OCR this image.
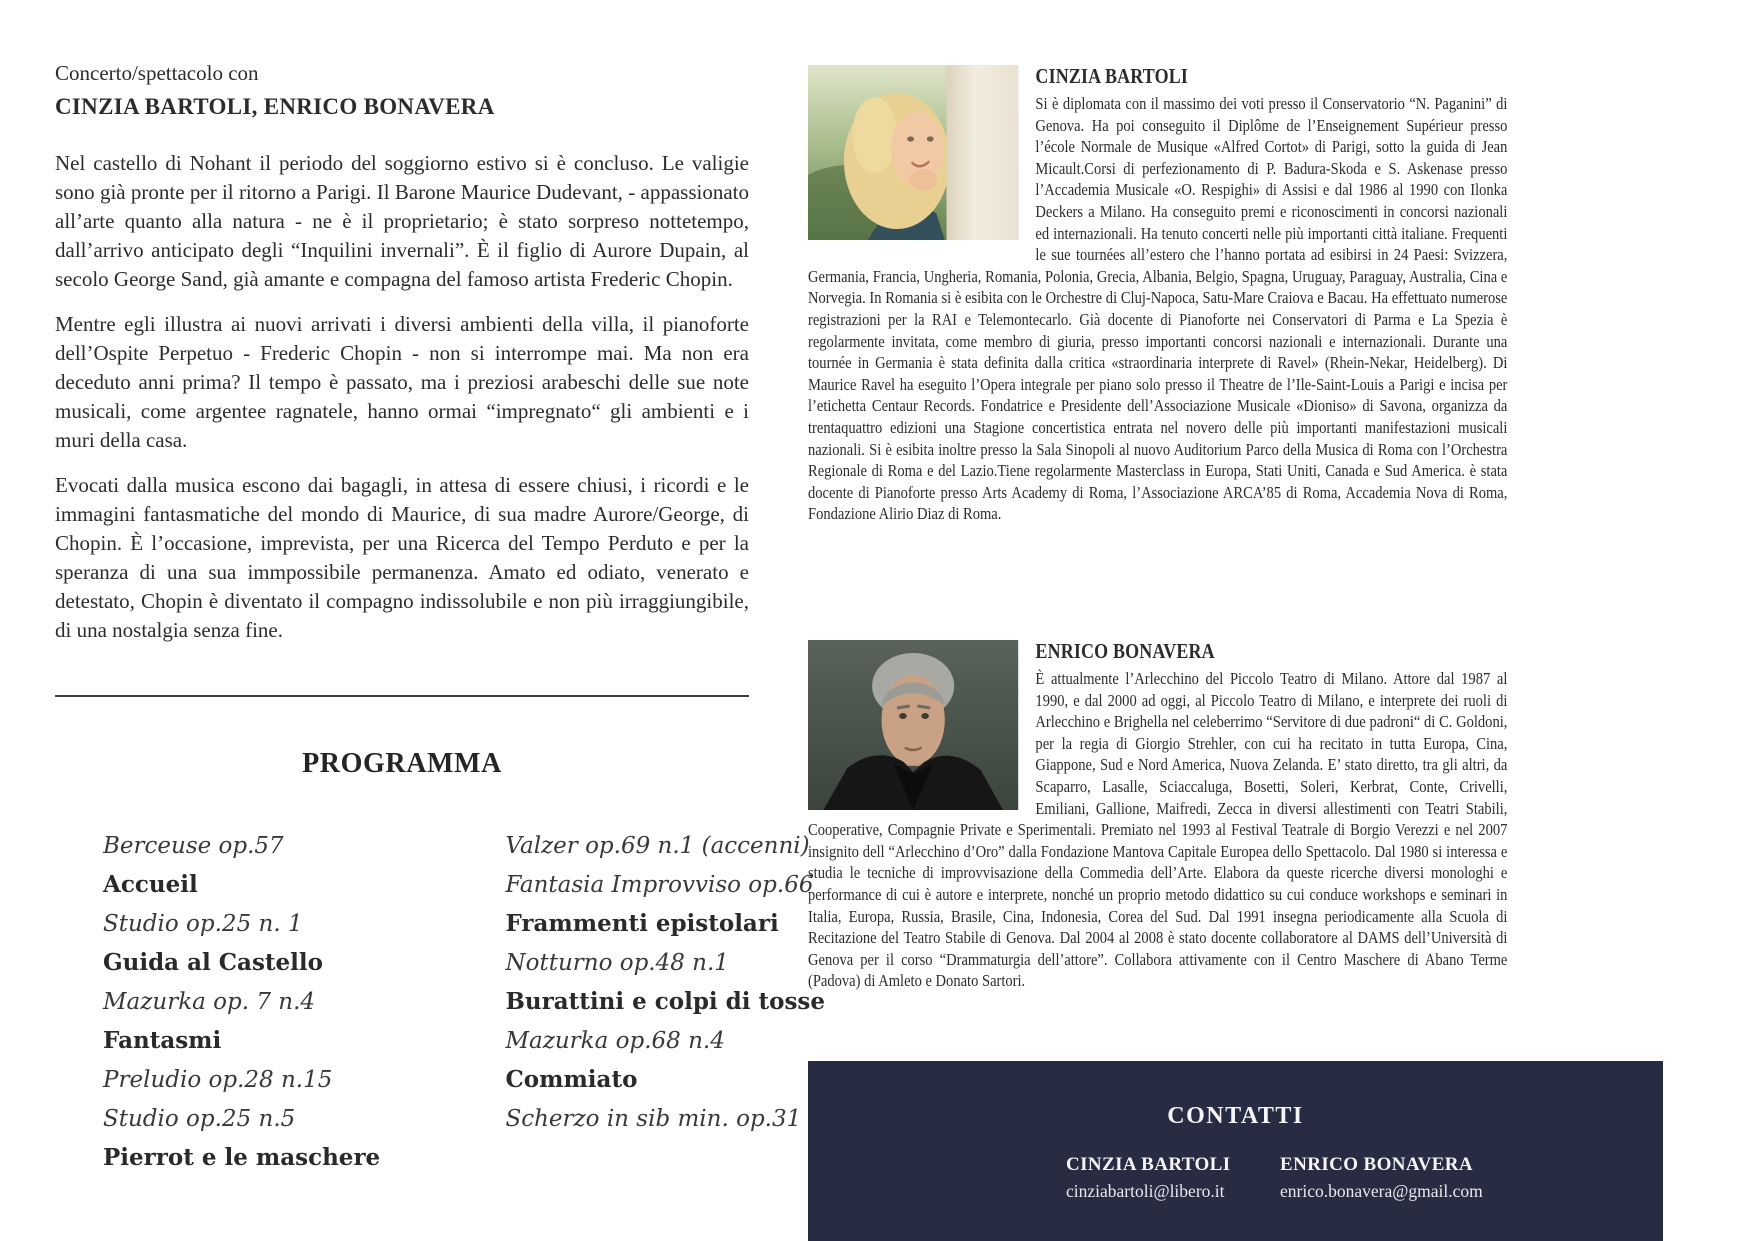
Concerto/spettacolo con

CINZIA BARTOLI, ENRICO BONAVERA

Nel castello di Nohant il periodo del soggiorno estivo si è concluso. Le valigie sono già pronte per il ritorno a Parigi. Il Barone Maurice Dudevant, - appassionato all’arte quanto alla natura - ne è il proprietario; è stato sorpreso nottetempo, dall’arrivo anticipato degli “Inquilini invernali”. È il figlio di Aurore Dupain, al secolo George Sand, già amante e compagna del famoso artista Frederic Chopin.

Mentre egli illustra ai nuovi arrivati i diversi ambienti della villa, il pianoforte dell’Ospite Perpetuo - Frederic Chopin - non si interrompe mai. Ma non era deceduto anni prima? Il tempo è passato, ma i preziosi arabeschi delle sue note musicali, come argentee ragnatele, hanno ormai “impregnato“ gli ambienti e i muri della casa.

Evocati dalla musica escono dai bagagli, in attesa di essere chiusi, i ricordi e le immagini fantasmatiche del mondo di Maurice, di sua madre Aurore/George, di Chopin. È l’occasione, imprevista, per una Ricerca del Tempo Perduto e per la speranza di una sua immpossibile permanenza. Amato ed odiato, venerato e detestato, Chopin è diventato il compagno indissolubile e non più irraggiungibile, di una nostalgia senza fine.

PROGRAMMA
Berceuse op.57
Accueil
Studio op.25 n. 1
Guida al Castello
Mazurka op. 7 n.4
Fantasmi
Preludio op.28 n.15
Studio op.25 n.5
Pierrot e le maschere
Valzer op.69 n.1 (accenni)
Fantasia Improvviso op.66
Frammenti epistolari
Notturno op.48 n.1
Burattini e colpi di tosse
Mazurka op.68 n.4
Commiato
Scherzo in sib min. op.31
CINZIA BARTOLI

Si è diplomata con il massimo dei voti presso il Conservatorio “N. Paganini” di Genova. Ha poi conseguito il Diplôme de l’Enseignement Supérieur presso l’école Normale de Musique «Alfred Cortot» di Parigi, sotto la guida di Jean Micault.Corsi di perfezionamento di P. Badura-Skoda e S. Askenase presso l’Accademia Musicale «O. Respighi» di Assisi e dal 1986 al 1990 con Ilonka Deckers a Milano. Ha conseguito premi e riconoscimenti in concorsi nazionali ed internazionali. Ha tenuto concerti nelle più importanti città italiane. Frequenti le sue tournées all’estero che l’hanno portata ad esibirsi in 24 Paesi: Svizzera, Germania, Francia, Ungheria, Romania, Polonia, Grecia, Albania, Belgio, Spagna, Uruguay, Paraguay, Australia, Cina e Norvegia. In Romania si è esibita con le Orchestre di Cluj-Napoca, Satu-Mare Craiova e Bacau. Ha effettuato numerose registrazioni per la RAI e Telemontecarlo. Già docente di Pianoforte nei Conservatori di Parma e La Spezia è regolarmente invitata, come membro di giuria, presso importanti concorsi nazionali e internazionali. Durante una tournée in Germania è stata definita dalla critica «straordinaria interprete di Ravel» (Rhein-Nekar, Heidelberg). Di Maurice Ravel ha eseguito l’Opera integrale per piano solo presso il Theatre de l’Ile-Saint-Louis a Parigi e incisa per l’etichetta Centaur Records. Fondatrice e Presidente dell’Associazione Musicale «Dioniso» di Savona, organizza da trentaquattro edizioni una Stagione concertistica entrata nel novero delle più importanti manifestazioni musicali nazionali. Si è esibita inoltre presso la Sala Sinopoli al nuovo Auditorium Parco della Musica di Roma con l’Orchestra Regionale di Roma e del Lazio.Tiene regolarmente Masterclass in Europa, Stati Uniti, Canada e Sud America. è stata docente di Pianoforte presso Arts Academy di Roma, l’Associazione ARCA’85 di Roma, Accademia Nova di Roma, Fondazione Alirio Diaz di Roma.

ENRICO BONAVERA

È attualmente l’Arlecchino del Piccolo Teatro di Milano. Attore dal 1987 al 1990, e dal 2000 ad oggi, al Piccolo Teatro di Milano, e interprete dei ruoli di Arlecchino e Brighella nel celeberrimo “Servitore di due padroni“ di C. Goldoni, per la regia di Giorgio Strehler, con cui ha recitato in tutta Europa, Cina, Giappone, Sud e Nord America, Nuova Zelanda. E’ stato diretto, tra gli altri, da Scaparro, Lasalle, Sciaccaluga, Bosetti, Soleri, Kerbrat, Conte, Crivelli, Emiliani, Gallione, Maifredi, Zecca in diversi allestimenti con Teatri Stabili, Cooperative, Compagnie Private e Sperimentali. Premiato nel 1993 al Festival Teatrale di Borgio Verezzi e nel 2007 insignito dell “Arlecchino d’Oro” dalla Fondazione Mantova Capitale Europea dello Spettacolo. Dal 1980 si interessa e studia le tecniche di improvvisazione della Commedia dell’Arte. Elabora da queste ricerche diversi monologhi e performance di cui è autore e interprete, nonché un proprio metodo didattico su cui conduce workshops e seminari in Italia, Europa, Russia, Brasile, Cina, Indonesia, Corea del Sud. Dal 1991 insegna periodicamente alla Scuola di Recitazione del Teatro Stabile di Genova. Dal 2004 al 2008 è stato docente collaboratore al DAMS dell’Università di Genova per il corso “Drammaturgia dell’attore”. Collabora attivamente con il Centro Maschere di Abano Terme (Padova) di Amleto e Donato Sartori.

CONTATTI
CINZIA BARTOLI
cinziabartoli@libero.it
ENRICO BONAVERA
enrico.bonavera@gmail.com
